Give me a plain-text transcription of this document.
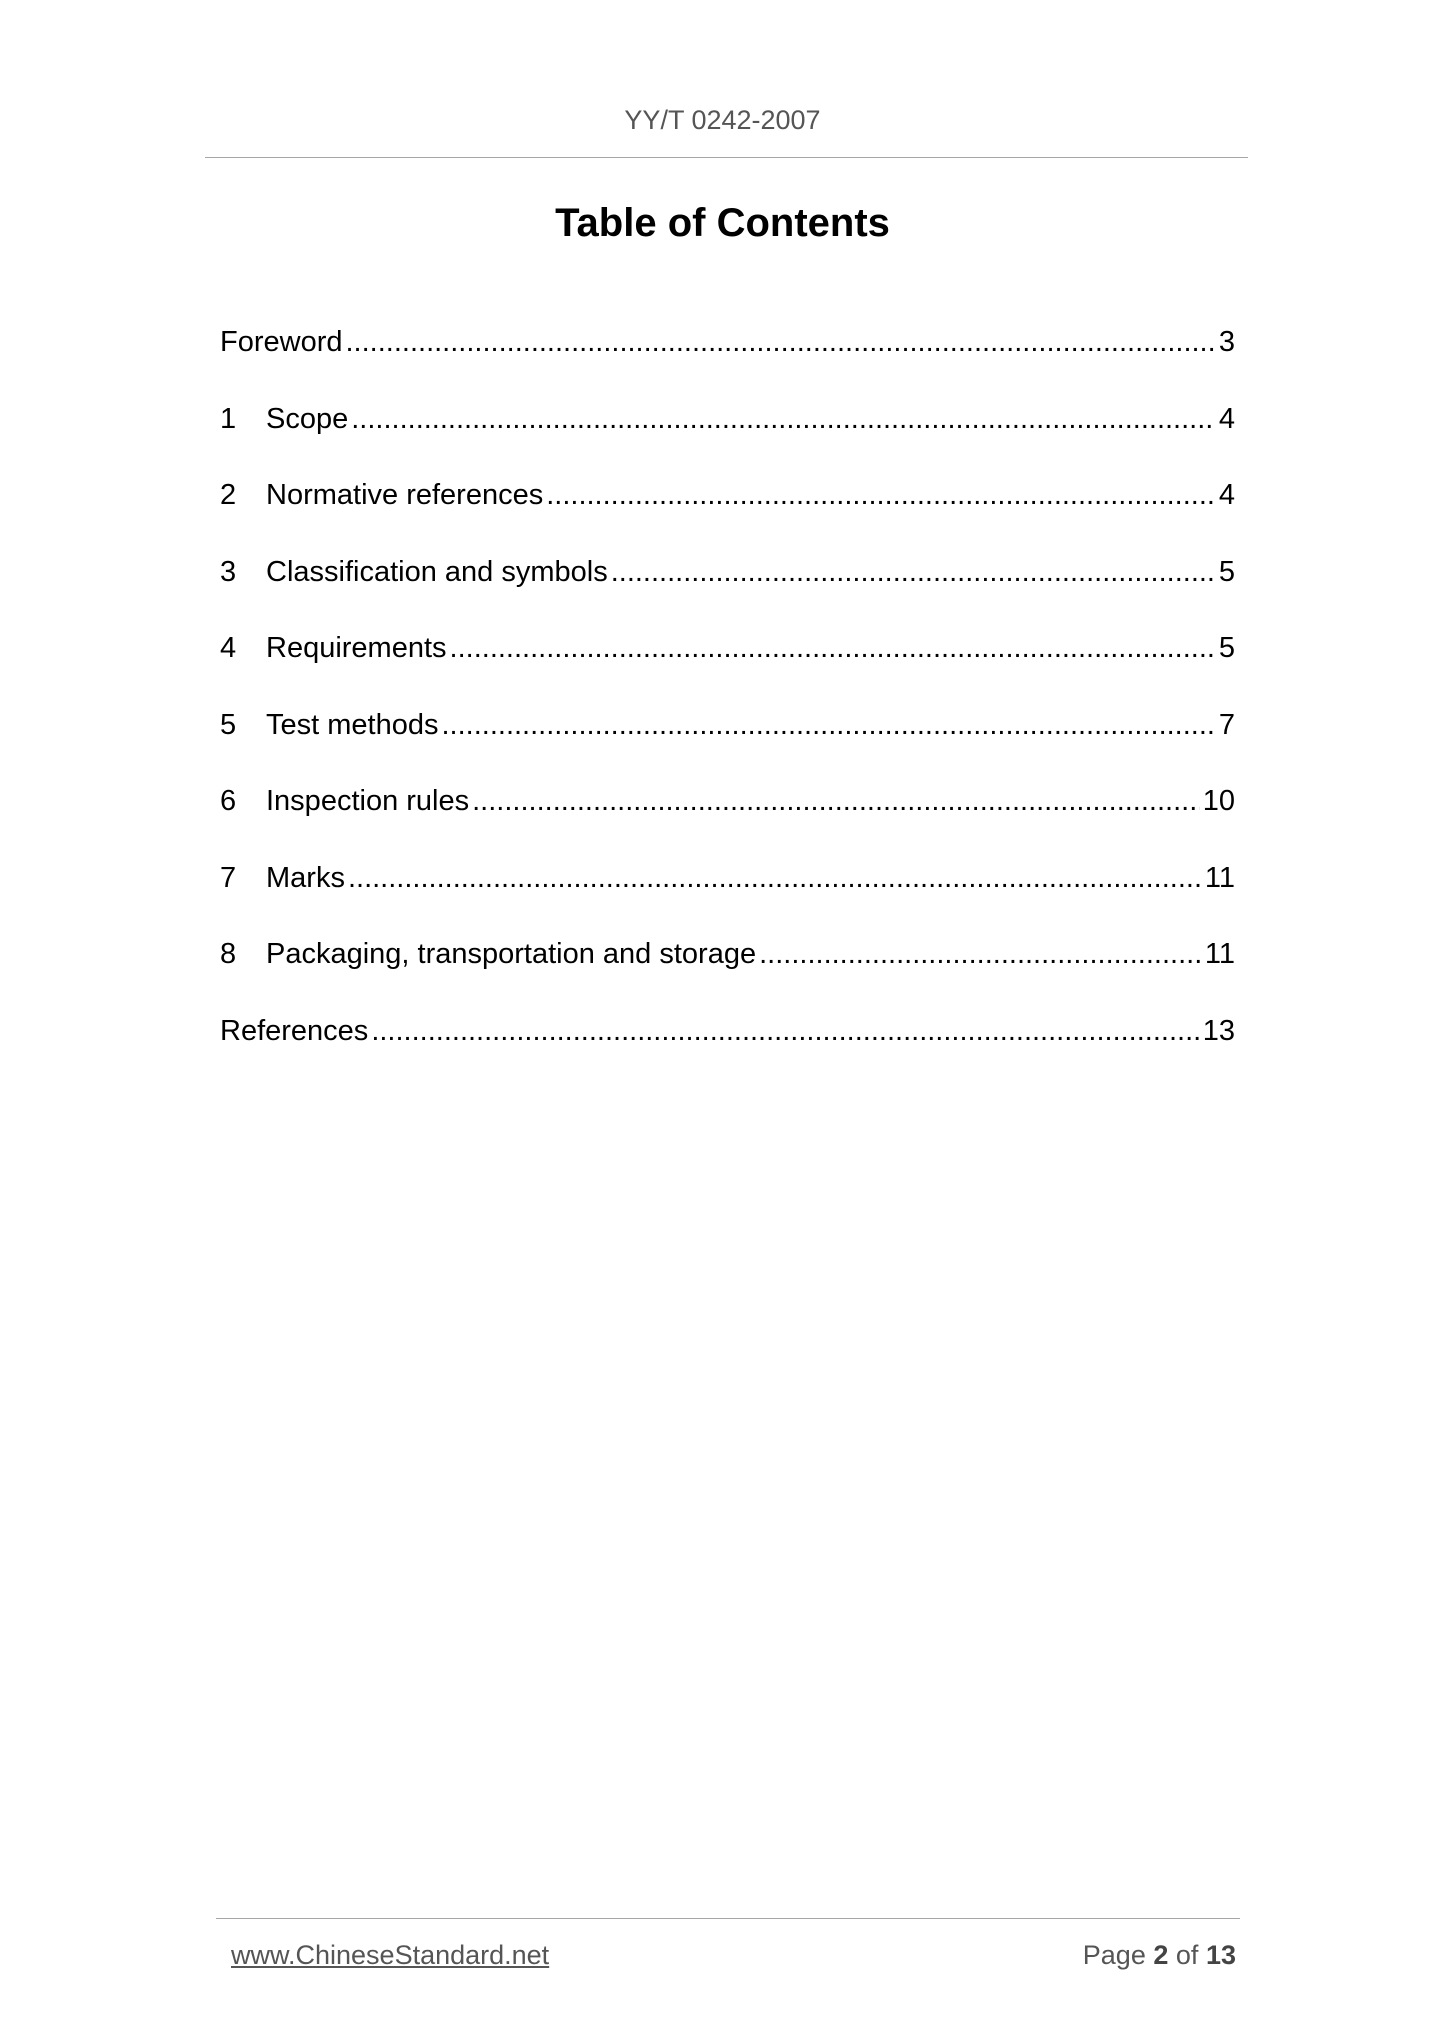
YY/T 0242-2007
Table of Contents
Foreword .....	3
1	Scope .....	4
2	Normative references .....	4
3	Classification and symbols .....	5
4	Requirements .....	5
5	Test methods .....	7
6	Inspection rules .....	10
7	Marks .....	11
8	Packaging, transportation and storage .....	11
References .....	13
www.ChineseStandard.net	Page 2 of 13
